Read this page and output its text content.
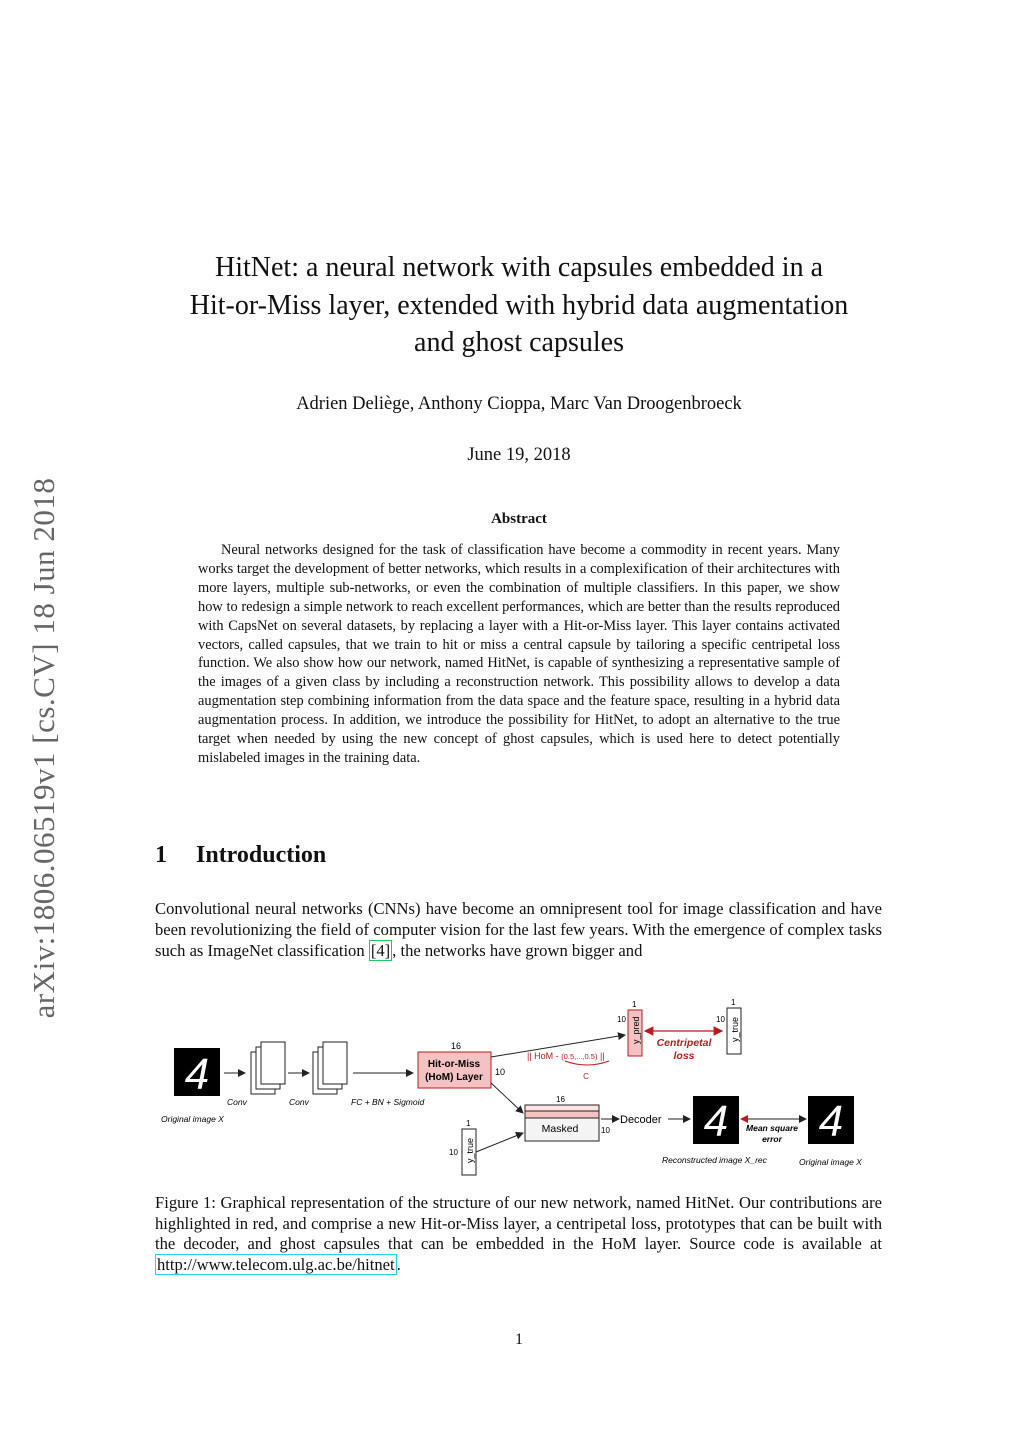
arXiv:1806.06519v1 [cs.CV] 18 Jun 2018
HitNet: a neural network with capsules embedded in a
Hit-or-Miss layer, extended with hybrid data augmentation
and ghost capsules
Adrien Deliège, Anthony Cioppa, Marc Van Droogenbroeck
June 19, 2018
Abstract
Neural networks designed for the task of classification have become a commodity in recent years. Many works target the development of better networks, which results in a complexification of their architectures with more layers, multiple sub-networks, or even the combination of multiple classifiers. In this paper, we show how to redesign a simple network to reach excellent performances, which are better than the results reproduced with CapsNet on several datasets, by replacing a layer with a Hit-or-Miss layer. This layer contains activated vectors, called capsules, that we train to hit or miss a central capsule by tailoring a specific centripetal loss function. We also show how our network, named HitNet, is capable of synthesizing a representative sample of the images of a given class by including a reconstruction network. This possibility allows to develop a data augmentation step combining information from the data space and the feature space, resulting in a hybrid data augmentation process. In addition, we introduce the possibility for HitNet, to adopt an alternative to the true target when needed by using the new concept of ghost capsules, which is used here to detect potentially mislabeled images in the training data.
1 Introduction
Convolutional neural networks (CNNs) have become an omnipresent tool for image classification and have been revolutionizing the field of computer vision for the last few years. With the emergence of complex tasks such as ImageNet classification [4] , the networks have grown bigger and
4
Original image X
Conv	Conv	FC + BN + Sigmoid
16
Hit-or-Miss
(HoM) Layer 10
|| HoM - (0.5,...,0.5) ||
C
1
y_pred
10
Centripetal
loss
1
y_true
10
16
Masked	10
1
y_true
10
Decoder 4
Reconstructed image X_rec
Mean square
error 4
Original image X
Figure 1: Graphical representation of the structure of our new network, named HitNet. Our contributions are highlighted in red, and comprise a new Hit-or-Miss layer, a centripetal loss, prototypes that can be built with the decoder, and ghost capsules that can be embedded in the HoM layer. Source code is available at http://www.telecom.ulg.ac.be/hitnet .
1
